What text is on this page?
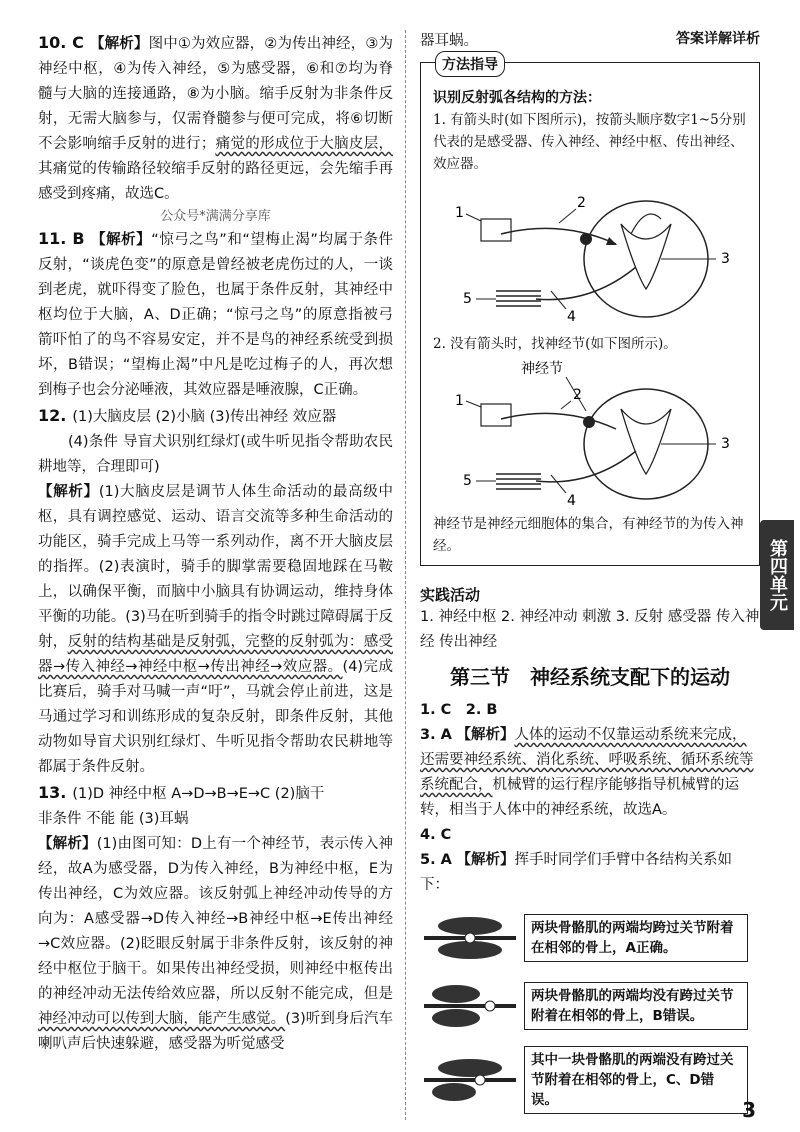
答案详解详析

10. C 【解析】图中①为效应器，②为传出神经，③为神经中枢，④为传入神经，⑤为感受器，⑥和⑦均为脊髓与大脑的连接通路，⑧为小脑。缩手反射为非条件反射，无需大脑参与，仅需脊髓参与便可完成，将⑥切断不会影响缩手反射的进行；痛觉的形成位于大脑皮层，其痛觉的传输路径较缩手反射的路径更远，会先缩手再感受到疼痛，故选C。

公众号*满满分享库

11. B 【解析】“惊弓之鸟”和“望梅止渴”均属于条件反射，“谈虎色变”的原意是曾经被老虎伤过的人，一谈到老虎，就吓得变了脸色，也属于条件反射，其神经中枢均位于大脑，A、D正确；“惊弓之鸟”的原意指被弓箭吓怕了的鸟不容易安定，并不是鸟的神经系统受到损坏，B错误；“望梅止渴”中凡是吃过梅子的人，再次想到梅子也会分泌唾液，其效应器是唾液腺，C正确。

12. (1)大脑皮层 (2)小脑 (3)传出神经 效应器
(4)条件 导盲犬识别红绿灯(或牛听见指令帮助农民耕地等，合理即可)
【解析】(1)大脑皮层是调节人体生命活动的最高级中枢，具有调控感觉、运动、语言交流等多种生命活动的功能区，骑手完成上马等一系列动作，离不开大脑皮层的指挥。(2)表演时，骑手的脚掌需要稳固地踩在马鞍上，以确保平衡，而脑中小脑具有协调运动，维持身体平衡的功能。(3)马在听到骑手的指令时跳过障碍属于反射，反射的结构基础是反射弧，完整的反射弧为：感受器→传入神经→神经中枢→传出神经→效应器。(4)完成比赛后，骑手对马喊一声“吁”，马就会停止前进，这是马通过学习和训练形成的复杂反射，即条件反射，其他动物如导盲犬识别红绿灯、牛听见指令帮助农民耕地等都属于条件反射。

13. (1)D 神经中枢 A→D→B→E→C (2)脑干
非条件 不能 能 (3)耳蜗
【解析】(1)由图可知：D上有一个神经节，表示传入神经，故A为感受器，D为传入神经，B为神经中枢，E为传出神经，C为效应器。该反射弧上神经冲动传导的方向为：A感受器→D传入神经→B神经中枢→E传出神经→C效应器。(2)眨眼反射属于非条件反射，该反射的神经中枢位于脑干。如果传出神经受损，则神经中枢传出的神经冲动无法传给效应器，所以反射不能完成，但是神经冲动可以传到大脑，能产生感觉。(3)听到身后汽车喇叭声后快速躲避，感受器为听觉感受

器耳蜗。

方法指导

识别反射弧各结构的方法：

1. 有箭头时(如下图所示)，按箭头顺序数字1~5分别代表的是感受器、传入神经、神经中枢、传出神经、效应器。

1
2
3
4
5

2. 没有箭头时，找神经节(如下图所示)。

神经节
1	2
3
4
5

神经节是神经元细胞体的集合，有神经节的为传入神经。

实践活动

1. 神经中枢 2. 神经冲动 刺激 3. 反射 感受器 传入神经 传出神经

第三节　神经系统支配下的运动

1. C　2. B

3. A 【解析】人体的运动不仅靠运动系统来完成，还需要神经系统、消化系统、呼吸系统、循环系统等系统配合，机械臂的运行程序能够指导机械臂的运转，相当于人体中的神经系统，故选A。

4. C

5. A 【解析】挥手时同学们手臂中各结构关系如下：

两块骨骼肌的两端均跨过关节附着在相邻的骨上，A正确。
两块骨骼肌的两端均没有跨过关节附着在相邻的骨上，B错误。
其中一块骨骼肌的两端没有跨过关节附着在相邻的骨上，C、D错误。
第四单元
3
